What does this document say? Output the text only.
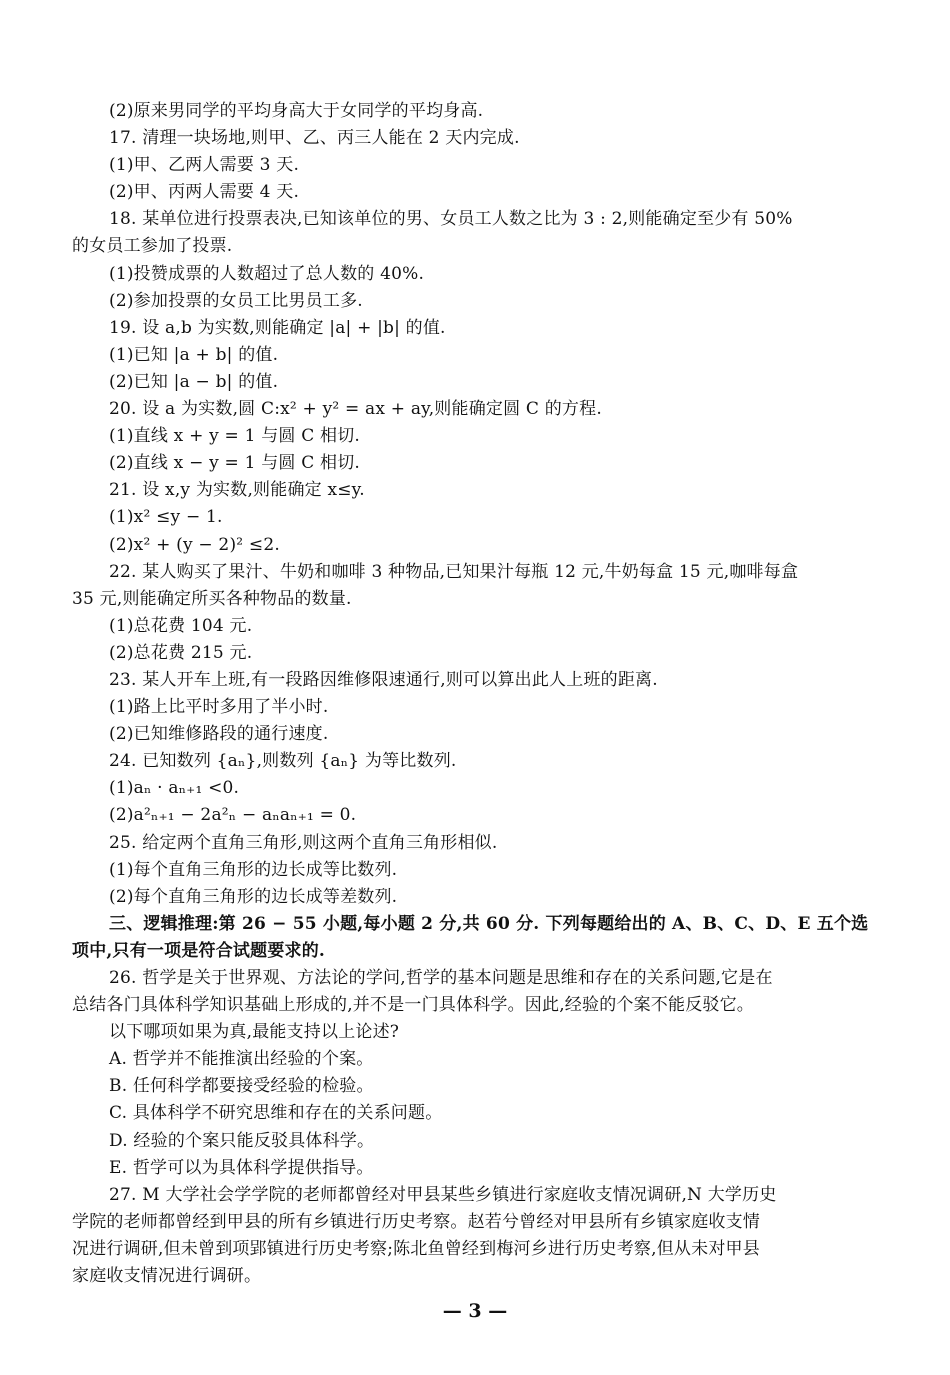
(2)原来男同学的平均身高大于女同学的平均身高.
17. 清理一块场地,则甲、乙、丙三人能在 2 天内完成.
(1)甲、乙两人需要 3 天.
(2)甲、丙两人需要 4 天.
18. 某单位进行投票表决,已知该单位的男、女员工人数之比为 3 : 2,则能确定至少有 50%
的女员工参加了投票.
(1)投赞成票的人数超过了总人数的 40%.
(2)参加投票的女员工比男员工多.
19. 设 a,b 为实数,则能确定 |a| + |b| 的值.
(1)已知 |a + b| 的值.
(2)已知 |a − b| 的值.
20. 设 a 为实数,圆 C:x² + y² = ax + ay,则能确定圆 C 的方程.
(1)直线 x + y = 1 与圆 C 相切.
(2)直线 x − y = 1 与圆 C 相切.
21. 设 x,y 为实数,则能确定 x≤y.
(1)x² ≤y − 1.
(2)x² + (y − 2)² ≤2.
22. 某人购买了果汁、牛奶和咖啡 3 种物品,已知果汁每瓶 12 元,牛奶每盒 15 元,咖啡每盒
35 元,则能确定所买各种物品的数量.
(1)总花费 104 元.
(2)总花费 215 元.
23. 某人开车上班,有一段路因维修限速通行,则可以算出此人上班的距离.
(1)路上比平时多用了半小时.
(2)已知维修路段的通行速度.
24. 已知数列 {aₙ},则数列 {aₙ} 为等比数列.
(1)aₙ · aₙ₊₁ <0.
(2)a²ₙ₊₁ − 2a²ₙ − aₙaₙ₊₁ = 0.
25. 给定两个直角三角形,则这两个直角三角形相似.
(1)每个直角三角形的边长成等比数列.
(2)每个直角三角形的边长成等差数列.
三、逻辑推理:第 26 − 55 小题,每小题 2 分,共 60 分. 下列每题给出的 A、B、C、D、E 五个选
项中,只有一项是符合试题要求的.
26. 哲学是关于世界观、方法论的学问,哲学的基本问题是思维和存在的关系问题,它是在
总结各门具体科学知识基础上形成的,并不是一门具体科学。因此,经验的个案不能反驳它。
以下哪项如果为真,最能支持以上论述?
A. 哲学并不能推演出经验的个案。
B. 任何科学都要接受经验的检验。
C. 具体科学不研究思维和存在的关系问题。
D. 经验的个案只能反驳具体科学。
E. 哲学可以为具体科学提供指导。
27. M 大学社会学学院的老师都曾经对甲县某些乡镇进行家庭收支情况调研,N 大学历史
学院的老师都曾经到甲县的所有乡镇进行历史考察。赵若兮曾经对甲县所有乡镇家庭收支情
况进行调研,但未曾到项郢镇进行历史考察;陈北鱼曾经到梅河乡进行历史考察,但从未对甲县
家庭收支情况进行调研。
— 3 —
